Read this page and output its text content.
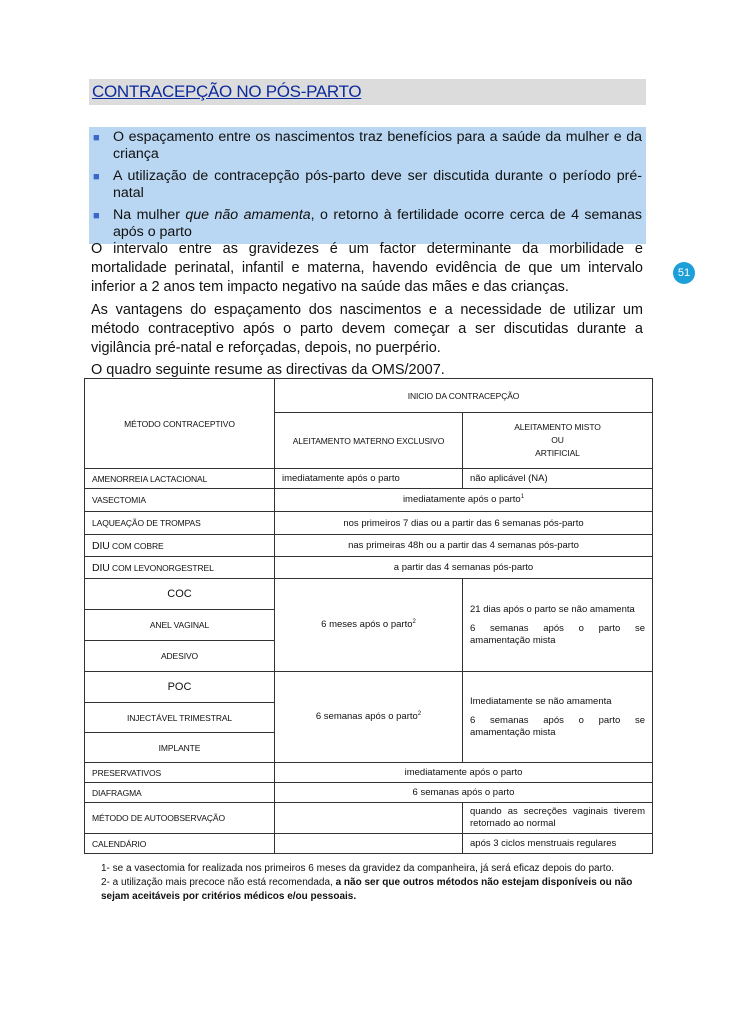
CONTRACEPÇÃO NO PÓS-PARTO
■ O espaçamento entre os nascimentos traz benefícios para a saúde da mulher e da criança
■ A utilização de contracepção pós-parto deve ser discutida durante o período pré-natal
■ Na mulher que não amamenta, o retorno à fertilidade ocorre cerca de 4 semanas após o parto
O intervalo entre as gravidezes é um factor determinante da morbilidade e mortalidade perinatal, infantil e materna, havendo evidência de que um intervalo inferior a 2 anos tem impacto negativo na saúde das mães e das crianças.
As vantagens do espaçamento dos nascimentos e a necessidade de utilizar um método contraceptivo após o parto devem começar a ser discutidas durante a vigilância pré-natal e reforçadas, depois, no puerpério.
O quadro seguinte resume as directivas da OMS/2007.
51
MÉTODO CONTRACEPTIVO	INICIO DA CONTRACEPÇÃO	
	ALEITAMENTO MATERNO EXCLUSIVO	ALEITAMENTO MISTO
OU
ARTIFICIAL

AMENORREIA LACTACIONAL	imediatamente após o parto	não aplicável (NA)
VASECTOMIA	imediatamente após o parto$^1$
LAQUEAÇÃO DE TROMPAS	nos primeiros 7 dias ou a partir das 6 semanas pós-parto	
DIU COM COBRE	nas primeiras 48h ou a partir das 4 semanas pós-parto	
DIU COM LEVONORGESTREL	a partir das 4 semanas pós-parto	
COC	6 meses após o parto$^2$	21 dias após o parto se não amamenta
6 semanas após o parto se amamentação mista

ANEL VAGINAL		
ADESIVO		
POC	6 semanas após o parto$^2$	Imediatamente se não amamenta
6 semanas após o parto se amamentação mista

INJECTÁVEL TRIMESTRAL		
IMPLANTE		
PRESERVATIVOS	imediatamente após o parto	
DIAFRAGMA	6 semanas após o parto	
MÉTODO DE AUTOOBSERVAÇÃO		quando as secreções vaginais tiverem retornado ao normal
CALENDÁRIO		após 3 ciclos menstruais regulares

1- se a vasectomia for realizada nos primeiros 6 meses da gravidez da companheira, já será eficaz depois do parto.

2- a utilização mais precoce não está recomendada, a não ser que outros métodos não estejam disponíveis ou não sejam aceitáveis por critérios médicos e/ou pessoais.
